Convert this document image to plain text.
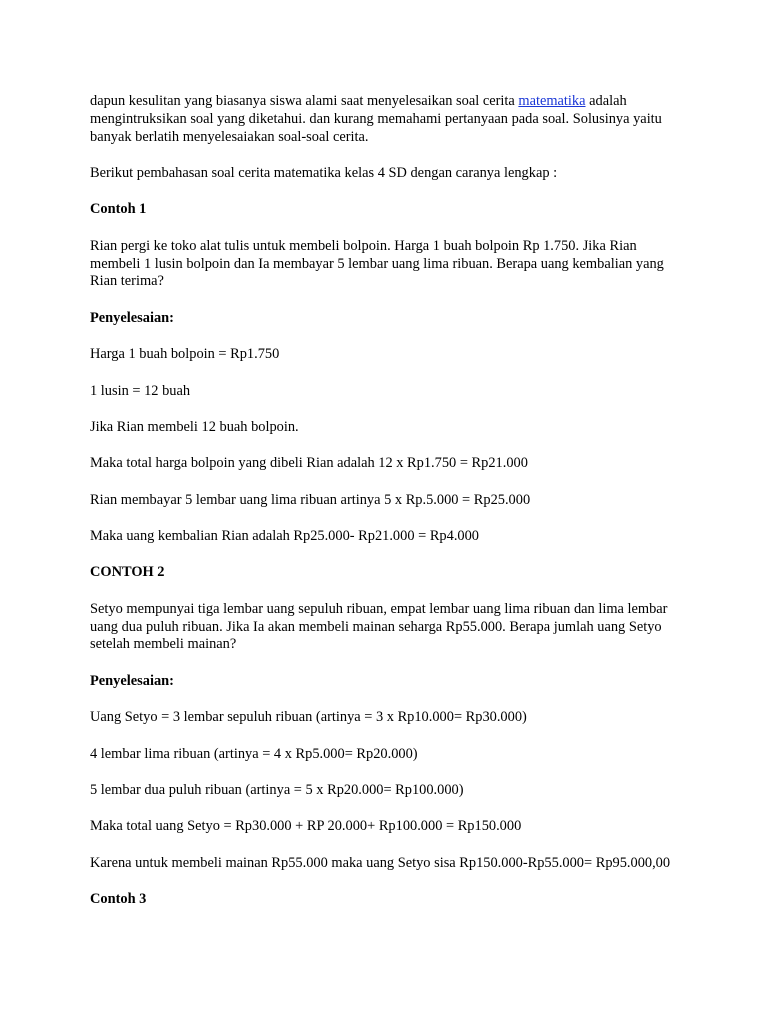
dapun kesulitan yang biasanya siswa alami saat menyelesaikan soal cerita matematika adalah mengintruksikan soal yang diketahui. dan kurang memahami pertanyaan pada soal. Solusinya yaitu banyak berlatih menyelesaiakan soal-soal cerita.

Berikut pembahasan soal cerita matematika kelas 4 SD dengan caranya lengkap :

Contoh 1

Rian pergi ke toko alat tulis untuk membeli bolpoin. Harga 1 buah bolpoin Rp 1.750. Jika Rian membeli 1 lusin bolpoin dan Ia membayar 5 lembar uang lima ribuan. Berapa uang kembalian yang Rian terima?

Penyelesaian:

Harga 1 buah bolpoin = Rp1.750

1 lusin = 12 buah

Jika Rian membeli 12 buah bolpoin.

Maka total harga bolpoin yang dibeli Rian adalah 12 x Rp1.750 = Rp21.000

Rian membayar 5 lembar uang lima ribuan artinya 5 x Rp.5.000 = Rp25.000

Maka uang kembalian Rian adalah Rp25.000- Rp21.000 = Rp4.000

CONTOH 2

Setyo mempunyai tiga lembar uang sepuluh ribuan, empat lembar uang lima ribuan dan lima lembar uang dua puluh ribuan. Jika Ia akan membeli mainan seharga Rp55.000. Berapa jumlah uang Setyo setelah membeli mainan?

Penyelesaian:

Uang Setyo = 3 lembar sepuluh ribuan (artinya = 3 x Rp10.000= Rp30.000)

4 lembar lima ribuan (artinya = 4 x Rp5.000= Rp20.000)

5 lembar dua puluh ribuan (artinya = 5 x Rp20.000= Rp100.000)

Maka total uang Setyo = Rp30.000 + RP 20.000+ Rp100.000 = Rp150.000

Karena untuk membeli mainan Rp55.000 maka uang Setyo sisa Rp150.000-Rp55.000= Rp95.000,00

Contoh 3
